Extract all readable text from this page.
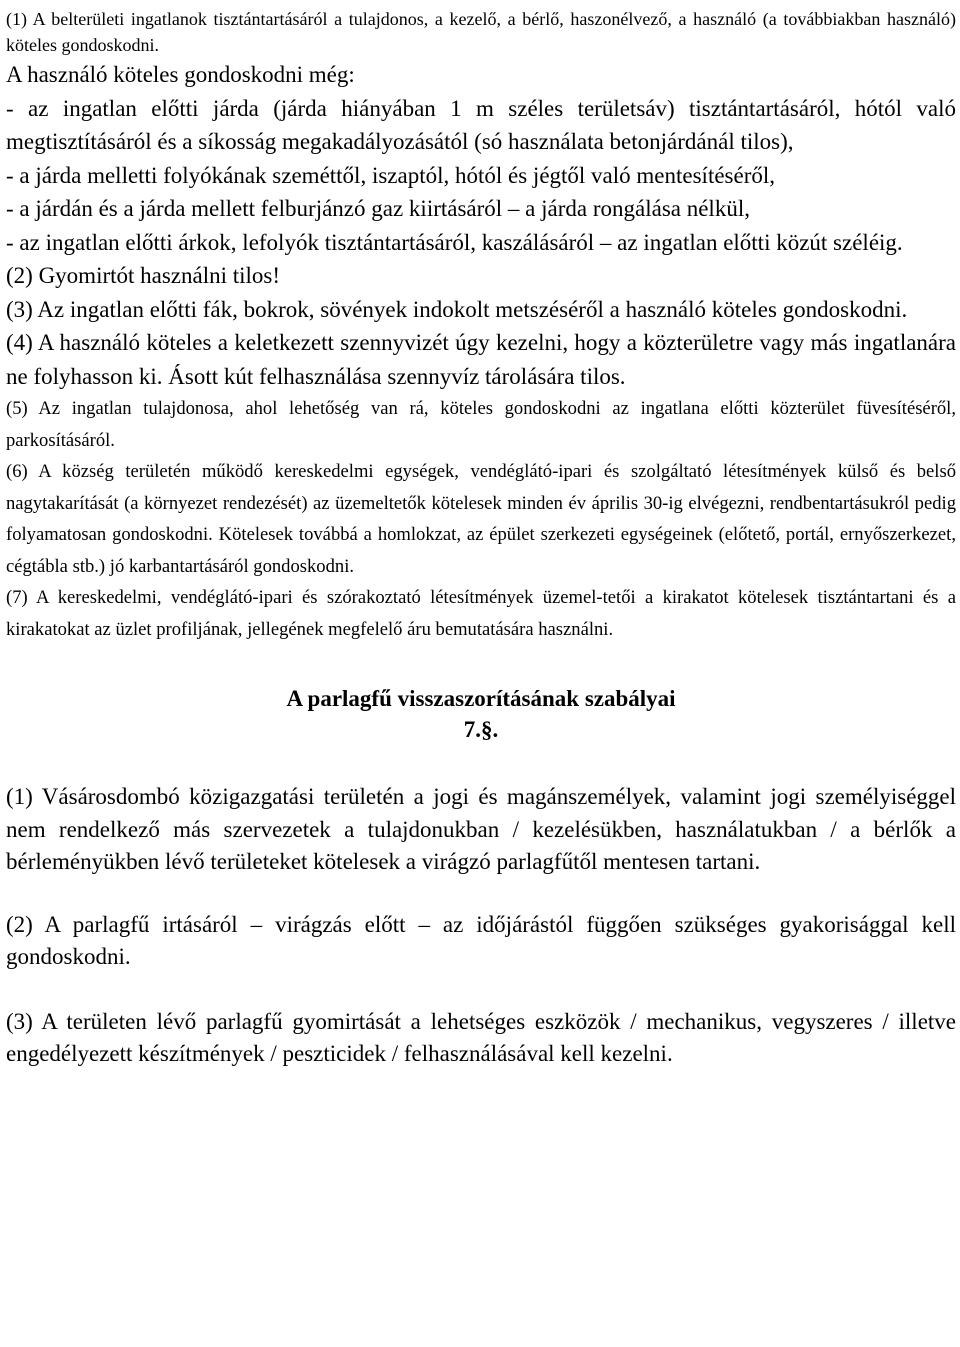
(1) A belterületi ingatlanok tisztántartásáról a tulajdonos, a kezelő, a bérlő, haszonélvező, a használó (a továbbiakban használó) köteles gondoskodni.

A használó köteles gondoskodni még:

- az ingatlan előtti járda (járda hiányában 1 m széles területsáv) tisztántartásáról, hótól való megtisztításáról és a síkosság megakadályozásától (só használata betonjárdánál tilos),

- a járda melletti folyókának szeméttől, iszaptól, hótól és jégtől való mentesítéséről,

- a járdán és a járda mellett felburjánzó gaz kiirtásáról – a járda rongálása nélkül,

- az ingatlan előtti árkok, lefolyók tisztántartásáról, kaszálásáról – az ingatlan előtti közút széléig.

(2) Gyomirtót használni tilos!

(3) Az ingatlan előtti fák, bokrok, sövények indokolt metszéséről a használó köteles gondoskodni.

(4) A használó köteles a keletkezett szennyvizét úgy kezelni, hogy a közterületre vagy más ingatlanára ne folyhasson ki. Ásott kút felhasználása szennyvíz tárolására tilos.

(5) Az ingatlan tulajdonosa, ahol lehetőség van rá, köteles gondoskodni az ingatlana előtti közterület füvesítéséről, parkosításáról.

(6) A község területén működő kereskedelmi egységek, vendéglátó-ipari és szolgáltató létesítmények külső és belső nagytakarítását (a környezet rendezését) az üzemeltetők kötelesek minden év április 30-ig elvégezni, rendbentartásukról pedig folyamatosan gondoskodni. Kötelesek továbbá a homlokzat, az épület szerkezeti egységeinek (előtető, portál, ernyőszerkezet, cégtábla stb.) jó karbantartásáról gondoskodni.

(7) A kereskedelmi, vendéglátó-ipari és szórakoztató létesítmények üzemel-tetői a kirakatot kötelesek tisztántartani és a kirakatokat az üzlet profiljának, jellegének megfelelő áru bemutatására használni.

A parlagfű visszaszorításának szabályai

7.§.

(1) Vásárosdombó közigazgatási területén a jogi és magánszemélyek, valamint jogi személyiséggel nem rendelkező más szervezetek a tulajdonukban / kezelésükben, használatukban / a bérlők a bérleményükben lévő területeket kötelesek a virágzó parlagfűtől mentesen tartani.

(2) A parlagfű irtásáról – virágzás előtt – az időjárástól függően szükséges gyakorisággal kell gondoskodni.

(3) A területen lévő parlagfű gyomirtását a lehetséges eszközök / mechanikus, vegyszeres / illetve engedélyezett készítmények / peszticidek / felhasználásával kell kezelni.
